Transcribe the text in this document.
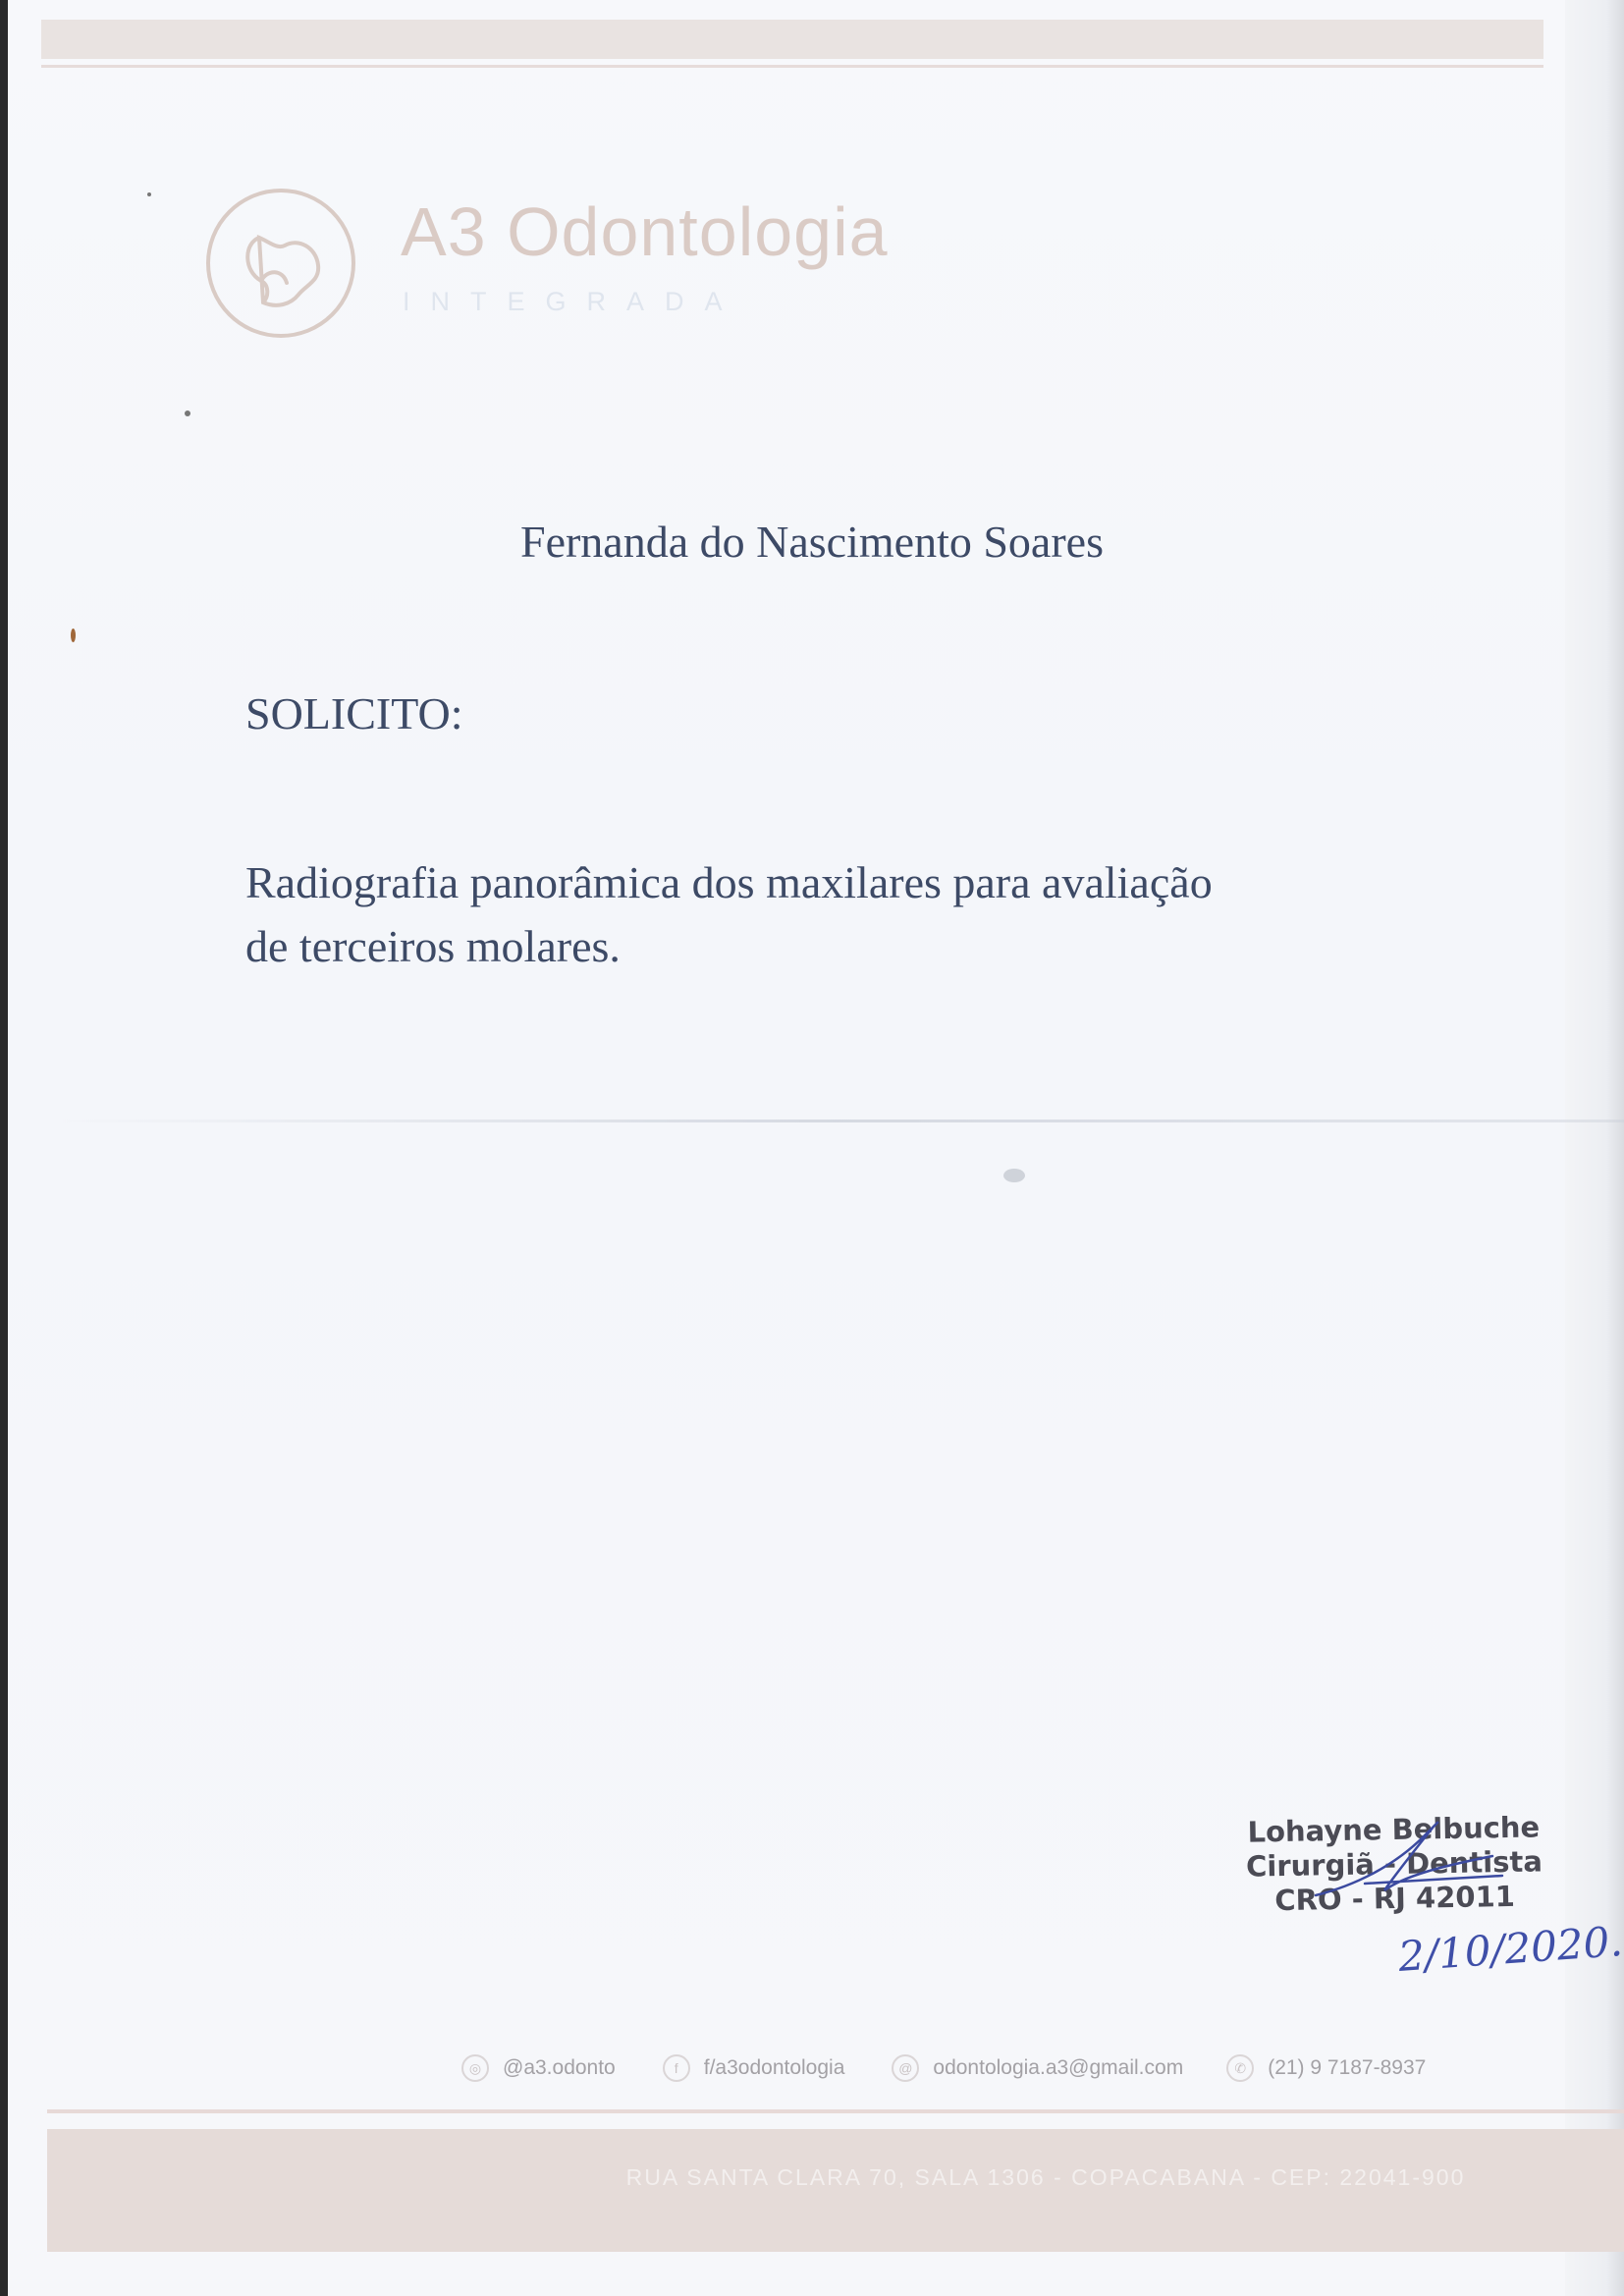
A3 Odontologia
INTEGRADA
Fernanda do Nascimento Soares
SOLICITO:
Radiografia panorâmica dos maxilares para avaliação
de terceiros molares.
Lohayne Belbuche
Cirurgiã - Dentista
CRO - RJ 42011
2/10/2020.
◎	@a3.odonto	f	f/a3odontologia	@ odontologia.a3@gmail.com	✆	(21) 9 7187-8937
RUA SANTA CLARA 70, SALA 1306 - COPACABANA - CEP: 22041-900
